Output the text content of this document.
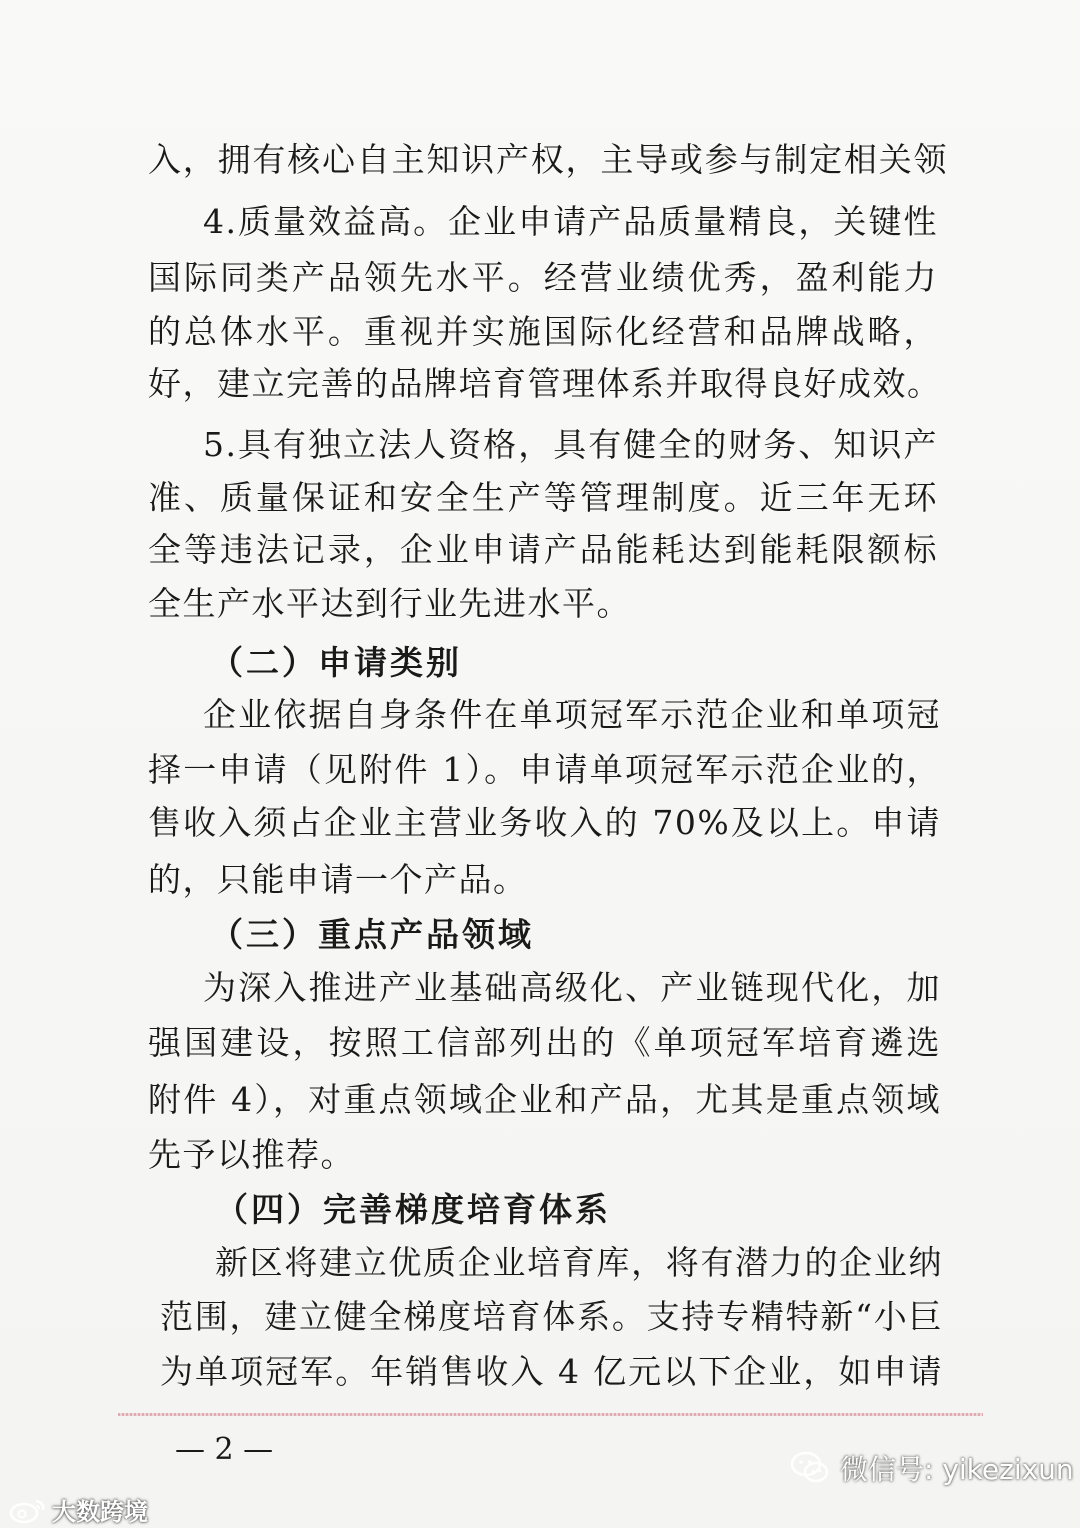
入，拥有核心自主知识产权，主导或参与制定相关领
4.质量效益高。企业申请产品质量精良，关键性
国际同类产品领先水平。经营业绩优秀，盈利能力
的总体水平。重视并实施国际化经营和品牌战略，
好，建立完善的品牌培育管理体系并取得良好成效。
5.具有独立法人资格，具有健全的财务、知识产
准、质量保证和安全生产等管理制度。近三年无环
全等违法记录，企业申请产品能耗达到能耗限额标
全生产水平达到行业先进水平。
（二）申请类别
企业依据自身条件在单项冠军示范企业和单项冠
择一申请（见附件 1）。申请单项冠军示范企业的，
售收入须占企业主营业务收入的 70%及以上。申请
的，只能申请一个产品。
（三）重点产品领域
为深入推进产业基础高级化、产业链现代化，加
强国建设，按照工信部列出的《单项冠军培育遴选
附件 4），对重点领域企业和产品，尤其是重点领域
先予以推荐。
（四）完善梯度培育体系
新区将建立优质企业培育库，将有潜力的企业纳
范围，建立健全梯度培育体系。支持专精特新“小巨
为单项冠军。年销售收入 4 亿元以下企业，如申请
— 2 —
微信号: yikezixun
大数跨境
